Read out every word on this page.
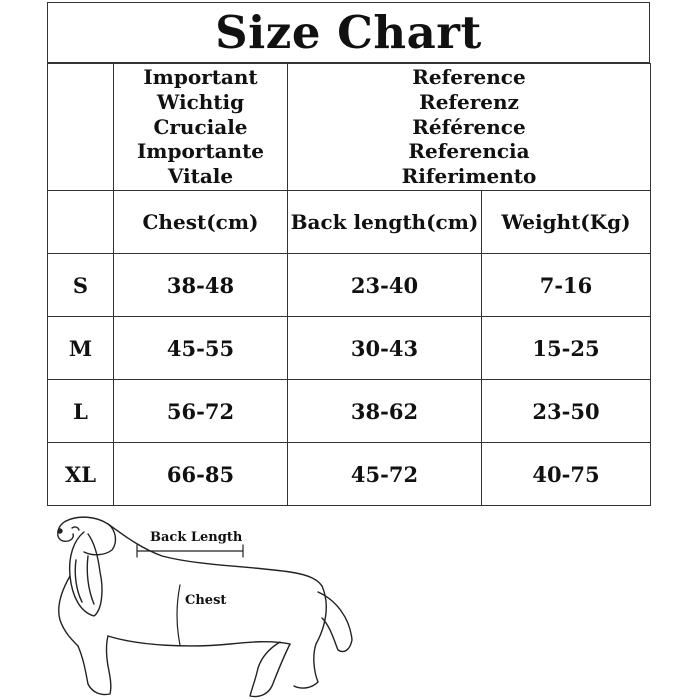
Size Chart

	Important
Wichtig
Cruciale
Importante
Vitale	Reference
Referenz
Référence
Referencia
Riferimento	

	Chest(cm)	Back length(cm)	Weight(Kg)
S	38-48	23-40	7-16
M	45-55	30-43	15-25
L	56-72	38-62	23-50
XL	66-85	45-72	40-75
Back Length
Chest
